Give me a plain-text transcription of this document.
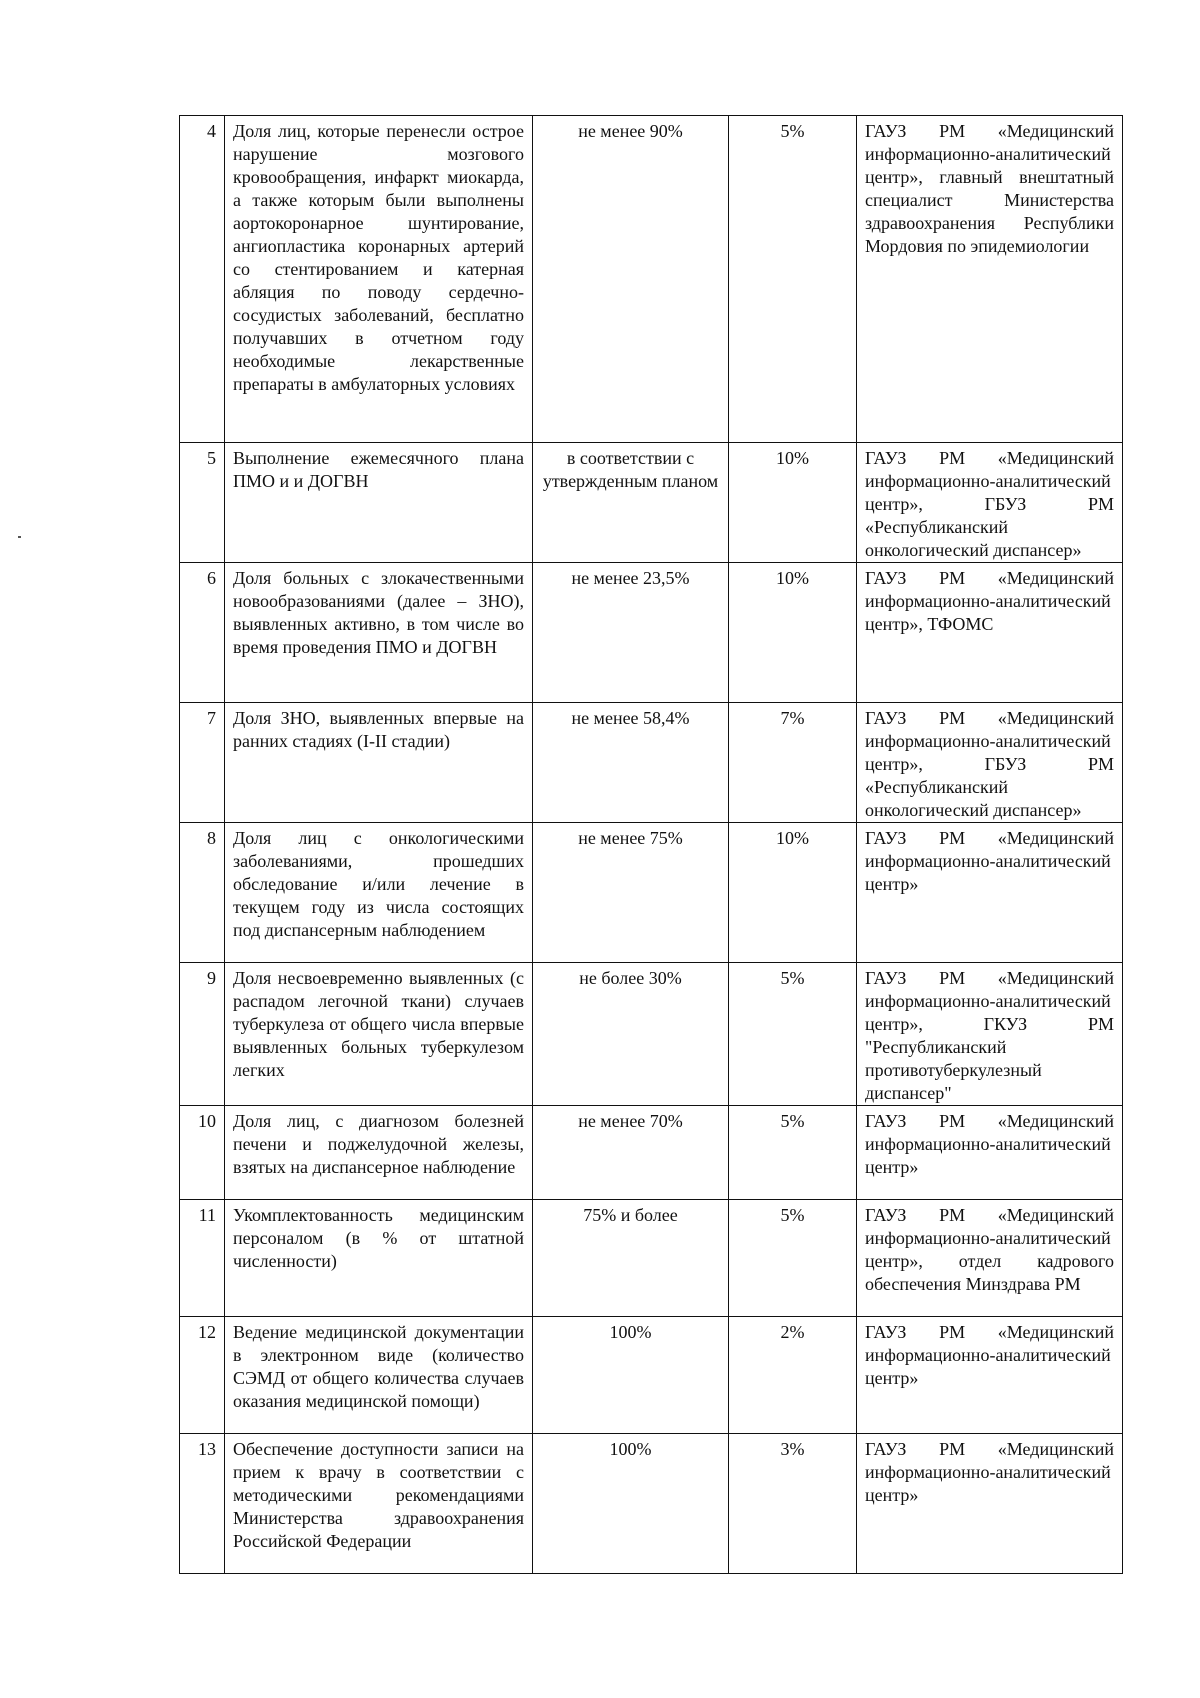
4	Доля лиц, которые перенесли острое нарушение мозгового кровообращения, инфаркт миокарда, а также которым были выполнены аортокоронарное шунтирование, ангиопластика коронарных артерий со стентированием и катерная абляция по поводу сердечно-сосудистых заболеваний, бесплатно получавших в отчетном году необходимые лекарственные препараты в амбулаторных условиях	не менее 90%	5%	ГАУЗ РМ «Медицинский информационно-аналитический центр», главный внештатный специалист Министерства здравоохранения Республики Мордовия по эпидемиологии
5	Выполнение ежемесячного плана ПМО и и ДОГВН	в соответствии с утвержденным планом	10%	ГАУЗ РМ «Медицинский информационно-аналитический центр», ГБУЗ РМ «Республиканский онкологический диспансер»
6	Доля больных с злокачественными новообразованиями (далее – ЗНО), выявленных активно, в том числе во время проведения ПМО и ДОГВН	не менее 23,5%	10%	ГАУЗ РМ «Медицинский информационно-аналитический центр», ТФОМС
7	Доля ЗНО, выявленных впервые на ранних стадиях (I-II стадии)	не менее 58,4%	7%	ГАУЗ РМ «Медицинский информационно-аналитический центр», ГБУЗ РМ «Республиканский онкологический диспансер»
8	Доля лиц с онкологическими заболеваниями, прошедших обследование и/или лечение в текущем году из числа состоящих под диспансерным наблюдением	не менее 75%	10%	ГАУЗ РМ «Медицинский информационно-аналитический центр»
9	Доля несвоевременно выявленных (с распадом легочной ткани) случаев туберкулеза от общего числа впервые выявленных больных туберкулезом легких	не более 30%	5%	ГАУЗ РМ «Медицинский информационно-аналитический центр», ГКУЗ РМ "Республиканский противотуберкулезный диспансер"
10	Доля лиц, с диагнозом болезней печени и поджелудочной железы, взятых на диспансерное наблюдение	не менее 70%	5%	ГАУЗ РМ «Медицинский информационно-аналитический центр»
11	Укомплектованность медицинским персоналом (в % от штатной численности)	75% и более	5%	ГАУЗ РМ «Медицинский информационно-аналитический центр», отдел кадрового обеспечения Минздрава РМ
12	Ведение медицинской документации в электронном виде (количество СЭМД от общего количества случаев оказания медицинской помощи)	100%	2%	ГАУЗ РМ «Медицинский информационно-аналитический центр»
13	Обеспечение доступности записи на прием к врачу в соответствии с методическими рекомендациями Министерства здравоохранения Российской Федерации	100%	3%	ГАУЗ РМ «Медицинский информационно-аналитический центр»
